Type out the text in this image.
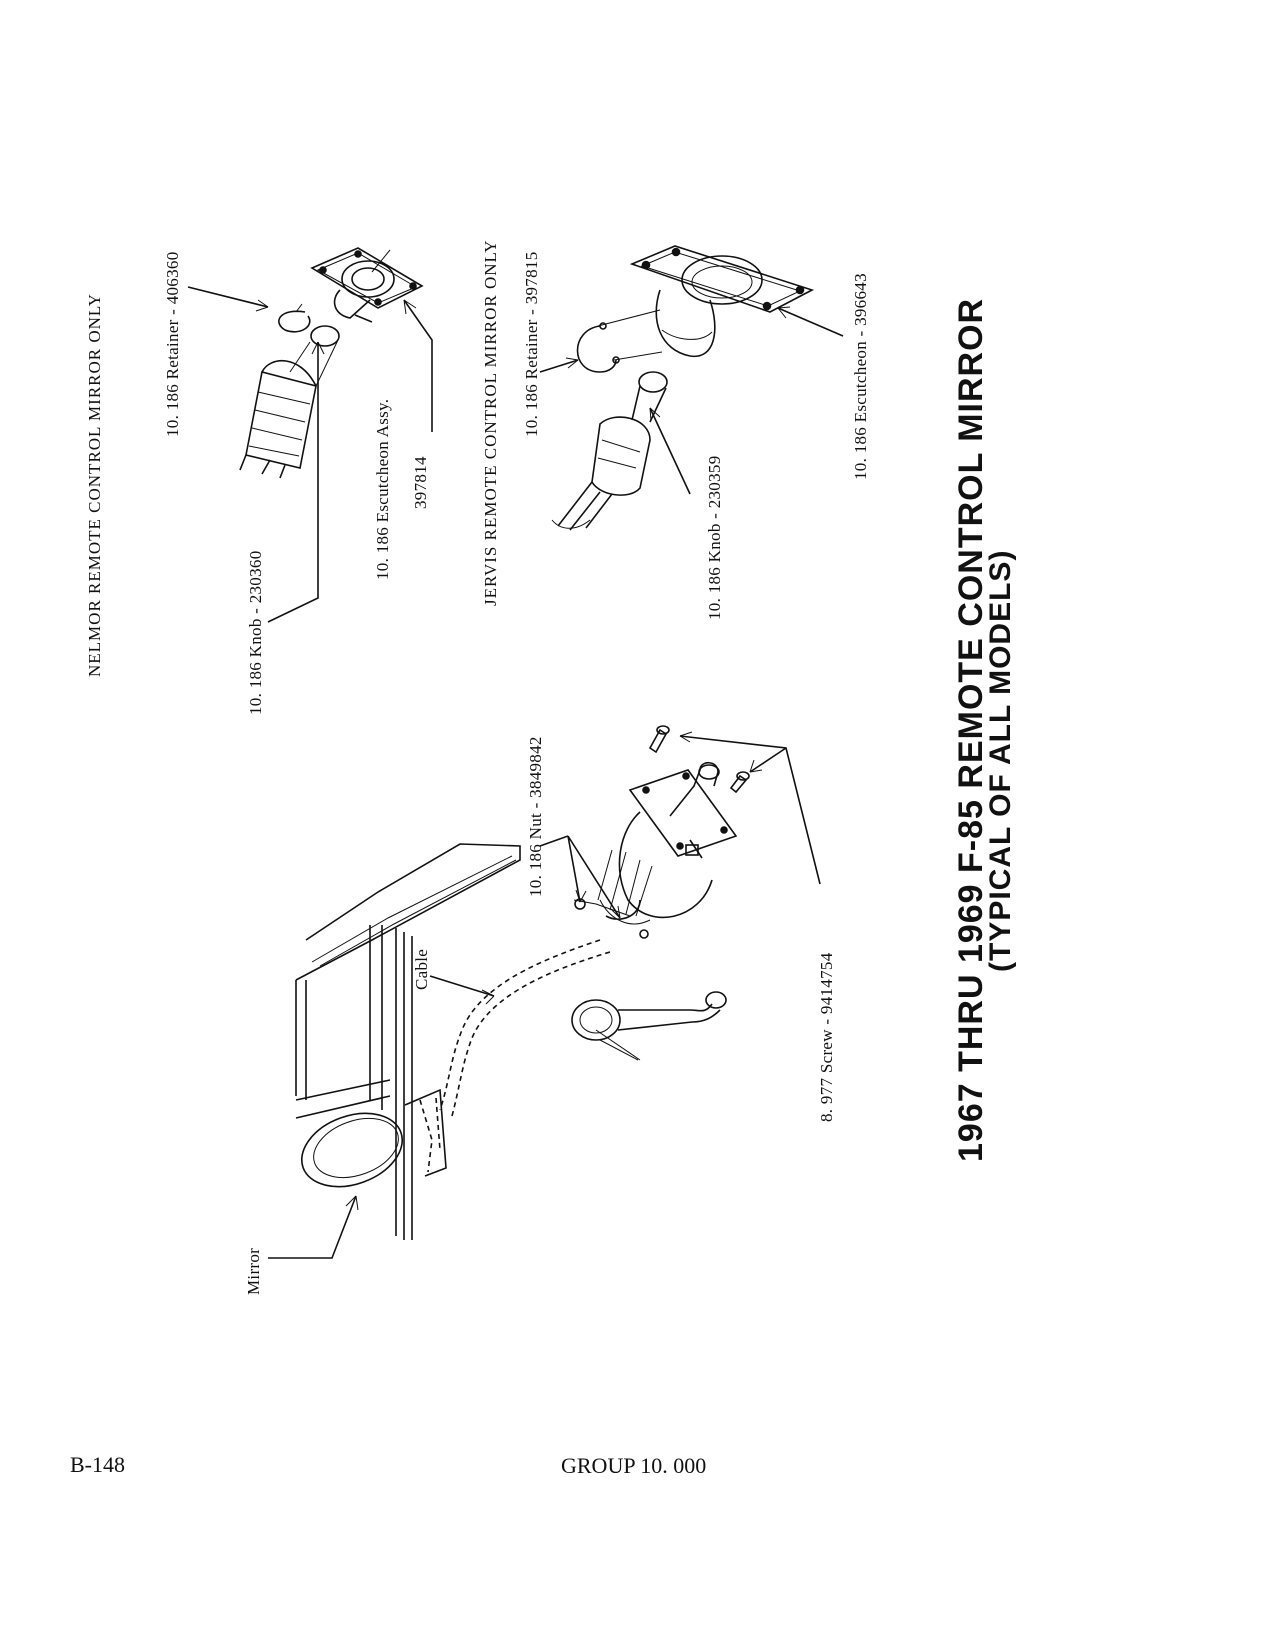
NELMOR REMOTE CONTROL MIRROR ONLY	10. 186 Retainer - 406360
10. 186 Knob - 230360
10. 186 Escutcheon Assy. 397814	JERVIS REMOTE CONTROL MIRROR ONLY 10. 186 Retainer - 397815
10. 186 Knob - 230359
10. 186 Escutcheon - 396643
10. 186 Nut - 3849842
Cable	8. 977 Screw - 9414754
Mirror
1967 THRU 1969 F-85 REMOTE CONTROL MIRROR
(TYPICAL OF ALL MODELS)
B-148	GROUP 10. 000
